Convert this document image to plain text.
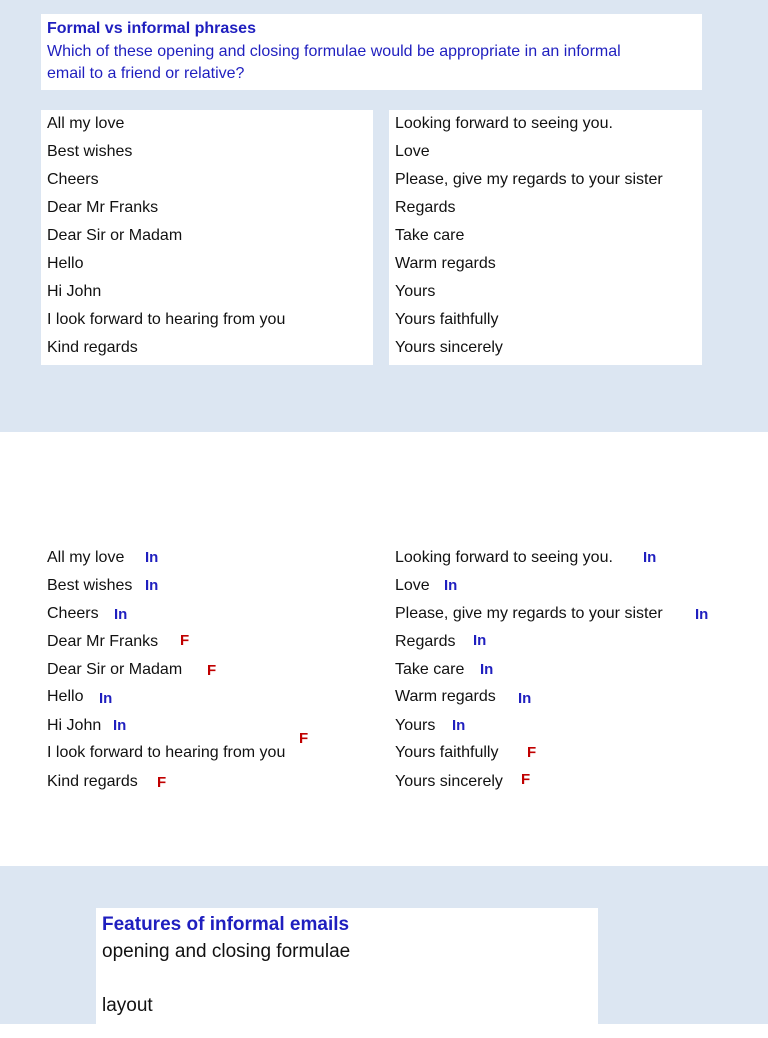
Formal vs informal phrases
Which of these opening and closing formulae would be appropriate in an informal
email to a friend or relative?
All my love
Best wishes
Cheers
Dear Mr Franks
Dear Sir or Madam
Hello
Hi John
I look forward to hearing from you
Kind regards
Looking forward to seeing you.
Love
Please, give my regards to your sister
Regards
Take care
Warm regards
Yours
Yours faithfully
Yours sincerely
All my love In
Best wishes In
Cheers In
Dear Mr Franks F
Dear Sir or Madam F
Hello In
Hi John In
I look forward to hearing from you
F
Kind regards F
Looking forward to seeing you. In
Love In
Please, give my regards to your sister In
Regards In
Take care In
Warm regards In
Yours In
Yours faithfully F
Yours sincerely F
Features of informal emails
opening and closing formulae
layout
